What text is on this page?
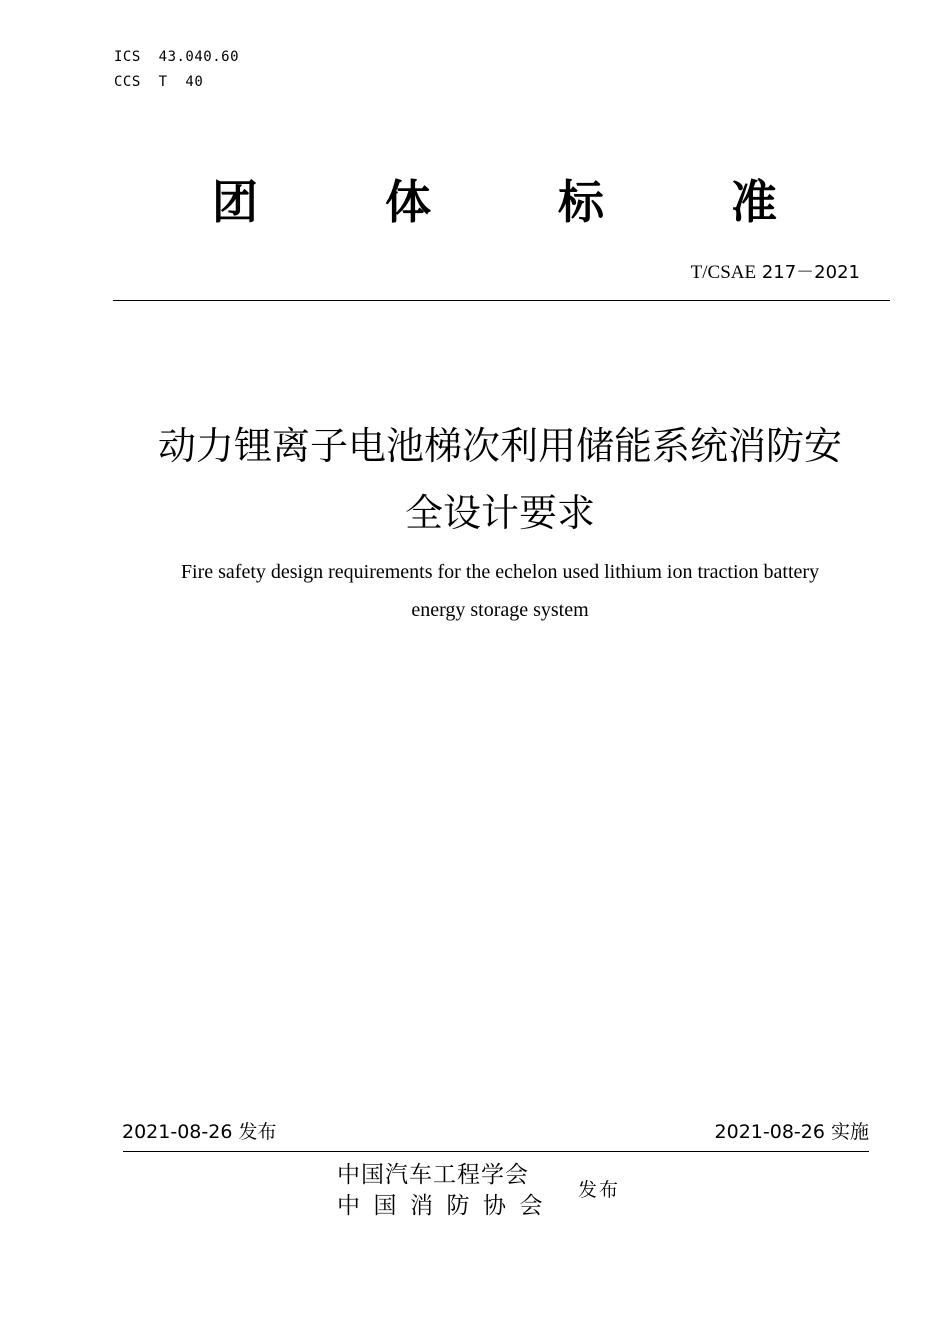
ICS  43.040.60
CCS  T  40
团	体	标	准
T/CSAE 217－2021
动力锂离子电池梯次利用储能系统消防安
全设计要求
Fire safety design requirements for the echelon used lithium ion traction battery
energy storage system
2021-08-26 发布	2021-08-26 实施
中国汽车工程学会
中国消防协会
发布
